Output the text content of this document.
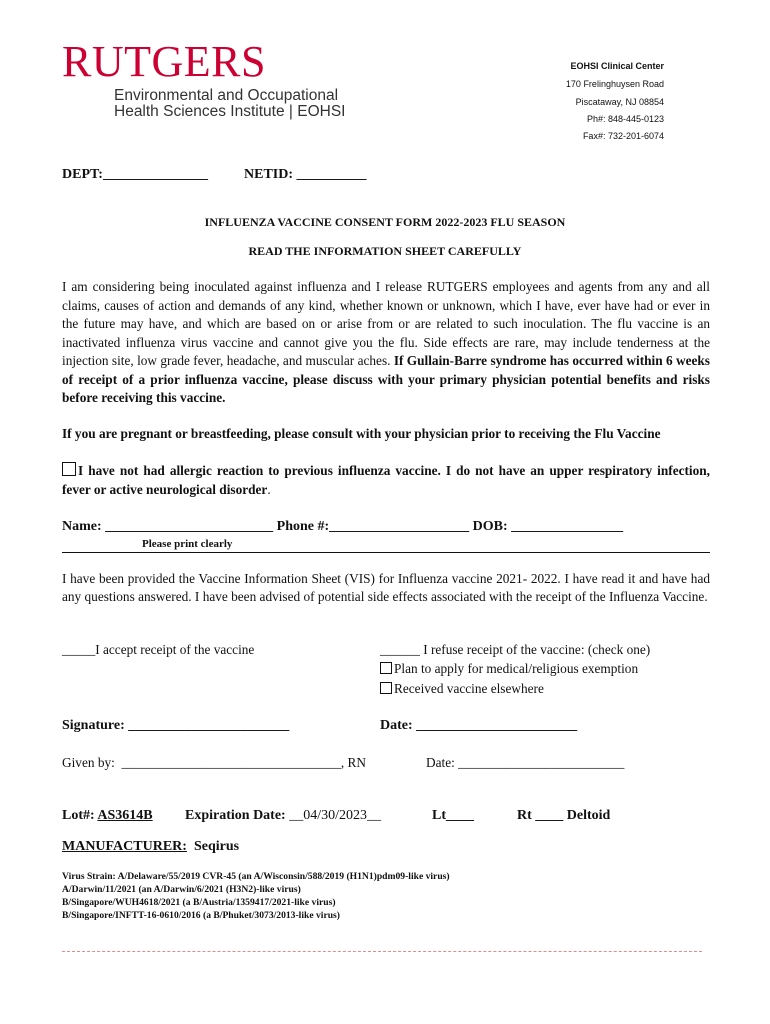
RUTGERS
Environmental and Occupational
Health Sciences Institute | EOHSI
EOHSI Clinical Center
170 Frelinghuysen Road
Piscataway, NJ 08854
Ph#: 848-445-0123
Fax#: 732-201-6074
DEPT:_______________	NETID: __________
INFLUENZA VACCINE CONSENT FORM 2022-2023 FLU SEASON
READ THE INFORMATION SHEET CAREFULLY
I am considering being inoculated against influenza and I release RUTGERS employees and agents from any and all claims, causes of action and demands of any kind, whether known or unknown, which I have, ever have had or ever in the future may have, and which are based on or arise from or are related to such inoculation. The flu vaccine is an inactivated influenza virus vaccine and cannot give you the flu. Side effects are rare, may include tenderness at the injection site, low grade fever, headache, and muscular aches. If Gullain-Barre syndrome has occurred within 6 weeks of receipt of a prior influenza vaccine, please discuss with your primary physician potential benefits and risks before receiving this vaccine.
If you are pregnant or breastfeeding, please consult with your physician prior to receiving the Flu Vaccine
I have not had allergic reaction to previous influenza vaccine. I do not have an upper respiratory infection, fever or active neurological disorder.
Name: ________________________ Phone #:____________________ DOB: ________________
Please print clearly
I have been provided the Vaccine Information Sheet (VIS) for Influenza vaccine 2021- 2022. I have read it and have had any questions answered. I have been advised of potential side effects associated with the receipt of the Influenza Vaccine.
_____I accept receipt of the vaccine	______ I refuse receipt of the vaccine: (check one)
Plan to apply for medical/religious exemption
Received vaccine elsewhere
Signature: _______________________	Date: _______________________
Given by: _________________________________, RN	Date: _________________________
Lot#: AS3614B Expiration Date: __04/30/2023__	Lt____	Rt ____ Deltoid
MANUFACTURER: Seqirus
Virus Strain: A/Delaware/55/2019 CVR-45 (an A/Wisconsin/588/2019 (H1N1)pdm09-like virus)
A/Darwin/11/2021 (an A/Darwin/6/2021 (H3N2)-like virus)
B/Singapore/WUH4618/2021 (a B/Austria/1359417/2021-like virus)
B/Singapore/INFTT-16-0610/2016 (a B/Phuket/3073/2013-like virus)
